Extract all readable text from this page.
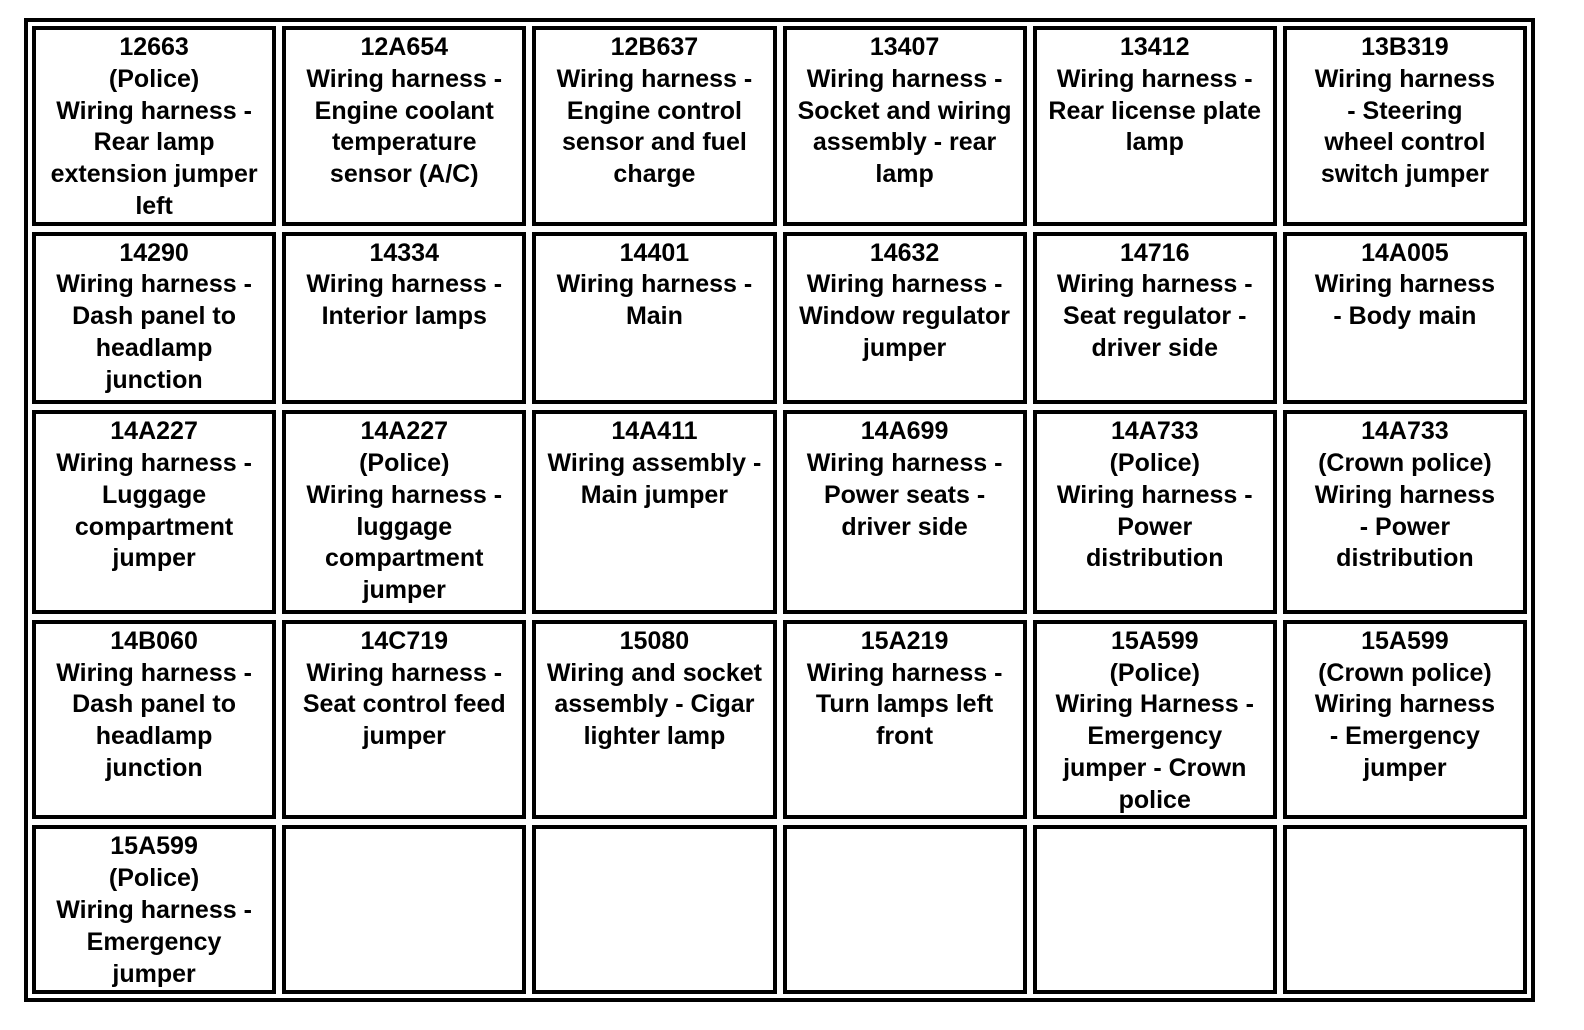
12663
(Police)
Wiring harness -
Rear lamp
extension jumper
left
12A654
Wiring harness -
Engine coolant
temperature
sensor (A/C)
12B637
Wiring harness -
Engine control
sensor and fuel
charge
13407
Wiring harness -
Socket and wiring
assembly - rear
lamp
13412
Wiring harness -
Rear license plate
lamp
13B319
Wiring harness
- Steering
wheel control
switch jumper
14290
Wiring harness -
Dash panel to
headlamp
junction
14334
Wiring harness -
Interior lamps
14401
Wiring harness -
Main
14632
Wiring harness -
Window regulator
jumper
14716
Wiring harness -
Seat regulator -
driver side
14A005
Wiring harness
- Body main
14A227
Wiring harness -
Luggage
compartment
jumper
14A227
(Police)
Wiring harness -
luggage
compartment
jumper
14A411
Wiring assembly -
Main jumper
14A699
Wiring harness -
Power seats -
driver side
14A733
(Police)
Wiring harness -
Power
distribution
14A733
(Crown police)
Wiring harness
- Power
distribution
14B060
Wiring harness -
Dash panel to
headlamp
junction
14C719
Wiring harness -
Seat control feed
jumper
15080
Wiring and socket
assembly - Cigar
lighter lamp
15A219
Wiring harness -
Turn lamps left
front
15A599
(Police)
Wiring Harness -
Emergency
jumper - Crown
police
15A599
(Crown police)
Wiring harness
- Emergency
jumper
15A599
(Police)
Wiring harness -
Emergency
jumper
